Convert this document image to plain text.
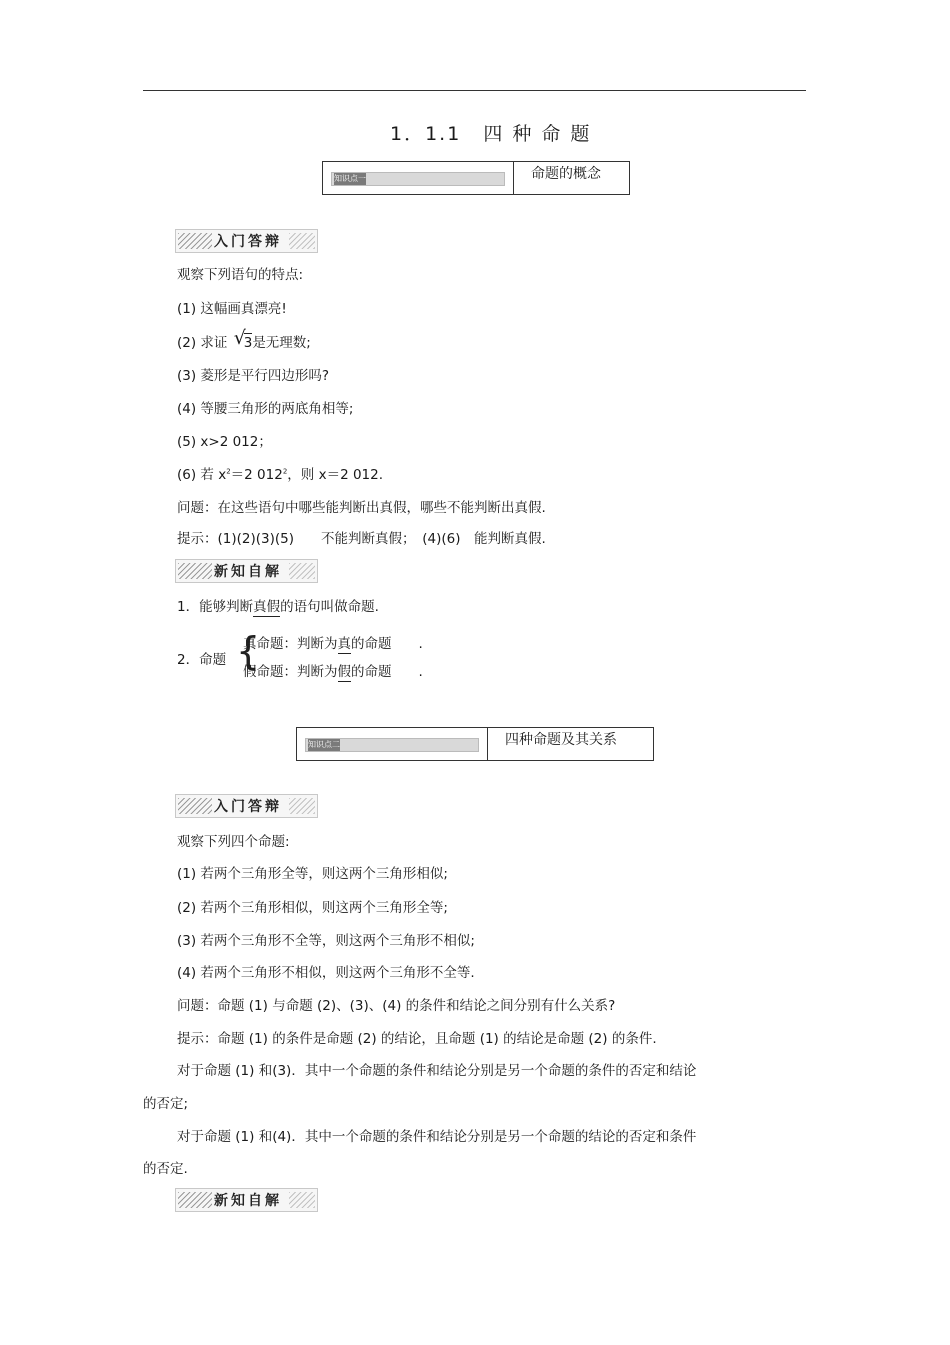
1．1.1 四 种 命 题
知识点一	命题的概念
入门答辩
观察下列语句的特点:
(1) 这幅画真漂亮!
(2) 求证 √
3是无理数;
(3) 菱形是平行四边形吗?
(4) 等腰三角形的两底角相等;
(5) x>2 012；
(6) 若 $x^2=2$ $012^2$，则 x＝2 012.
问题：在这些语句中哪些能判断出真假，哪些不能判断出真假.
提示：(1)(2)(3)(5)　　不能判断真假；　(4)(6)　能判断真假.
新知自解
1．能够判断真假的语句叫做命题.
2．命题 {
真命题：判断为真的命题　　.
假命题：判断为假的命题　　.
知识点二	四种命题及其关系
入门答辩
观察下列四个命题:
(1) 若两个三角形全等，则这两个三角形相似;
(2) 若两个三角形相似，则这两个三角形全等;
(3) 若两个三角形不全等，则这两个三角形不相似;
(4) 若两个三角形不相似，则这两个三角形不全等.
问题：命题 (1) 与命题 (2)、(3)、(4) 的条件和结论之间分别有什么关系?
提示：命题 (1) 的条件是命题 (2) 的结论，且命题 (1) 的结论是命题 (2) 的条件.
对于命题 (1) 和(3)．其中一个命题的条件和结论分别是另一个命题的条件的否定和结论
的否定;
对于命题 (1) 和(4)．其中一个命题的条件和结论分别是另一个命题的结论的否定和条件
的否定.
新知自解
